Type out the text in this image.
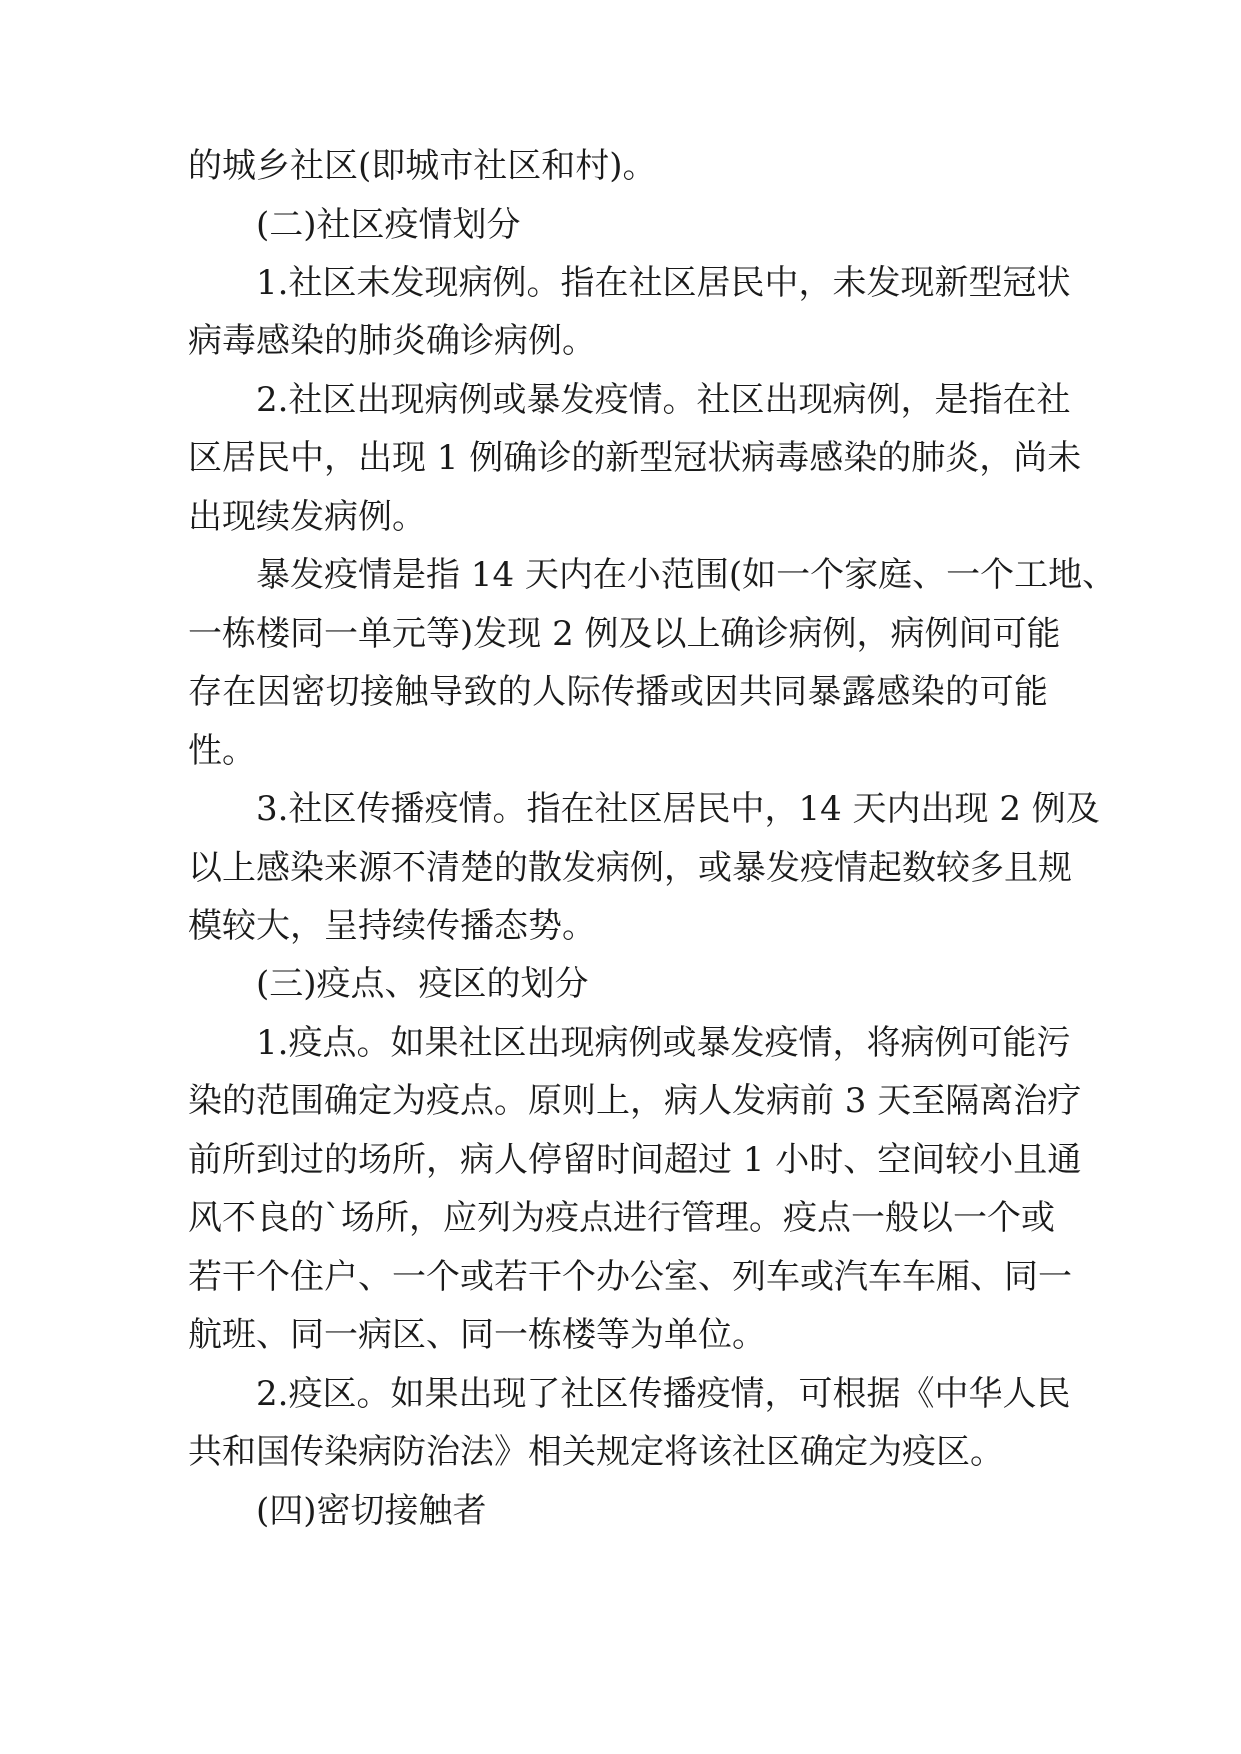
的城乡社区(即城市社区和村)。
(二)社区疫情划分
1.社区未发现病例。指在社区居民中，未发现新型冠状
病毒感染的肺炎确诊病例。
2.社区出现病例或暴发疫情。社区出现病例，是指在社
区居民中，出现 1 例确诊的新型冠状病毒感染的肺炎，尚未
出现续发病例。
暴发疫情是指 14 天内在小范围(如一个家庭、一个工地、
一栋楼同一单元等)发现 2 例及以上确诊病例，病例间可能
存在因密切接触导致的人际传播或因共同暴露感染的可能
性。
3.社区传播疫情。指在社区居民中，14 天内出现 2 例及
以上感染来源不清楚的散发病例，或暴发疫情起数较多且规
模较大，呈持续传播态势。
(三)疫点、疫区的划分
1.疫点。如果社区出现病例或暴发疫情，将病例可能污
染的范围确定为疫点。原则上，病人发病前 3 天至隔离治疗
前所到过的场所，病人停留时间超过 1 小时、空间较小且通
风不良的`场所，应列为疫点进行管理。疫点一般以一个或
若干个住户、一个或若干个办公室、列车或汽车车厢、同一
航班、同一病区、同一栋楼等为单位。
2.疫区。如果出现了社区传播疫情，可根据《中华人民
共和国传染病防治法》相关规定将该社区确定为疫区。
(四)密切接触者
